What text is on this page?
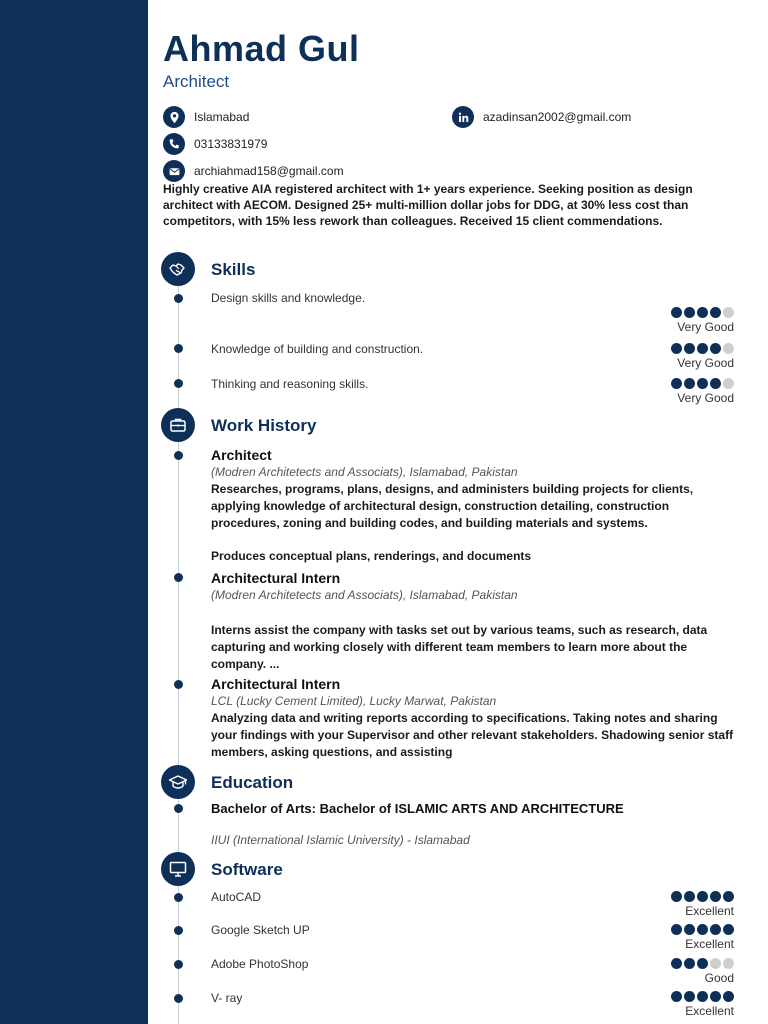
Ahmad Gul
Architect
Islamabad	azadinsan2002@gmail.com
03133831979
archiahmad158@gmail.com
Highly creative AIA registered architect with 1+ years experience. Seeking position as design architect with AECOM. Designed 25+ multi-million dollar jobs for DDG, at 30% less cost than competitors, with 15% less rework than colleagues. Received 15 client commendations.
Skills
Design skills and knowledge.
Very Good
Knowledge of building and construction.
Very Good
Thinking and reasoning skills.
Very Good
Work History
Architect
(Modren Architetects and Associats), Islamabad, Pakistan
Researches, programs, plans, designs, and administers building projects for clients, applying knowledge of architectural design, construction detailing, construction procedures, zoning and building codes, and building materials and systems.
Produces conceptual plans, renderings, and documents
Architectural Intern
(Modren Architetects and Associats), Islamabad, Pakistan
Interns assist the company with tasks set out by various teams, such as research, data capturing and working closely with different team members to learn more about the company. ...
Architectural Intern
LCL (Lucky Cement Limited), Lucky Marwat, Pakistan
Analyzing data and writing reports according to specifications. Taking notes and sharing your findings with your Supervisor and other relevant stakeholders. Shadowing senior staff members, asking questions, and assisting
Education
Bachelor of Arts: Bachelor of ISLAMIC ARTS AND ARCHITECTURE
IIUI (International Islamic University) - Islamabad
Software
AutoCAD
Excellent
Google Sketch UP
Excellent
Adobe PhotoShop
Good
V- ray
Excellent
